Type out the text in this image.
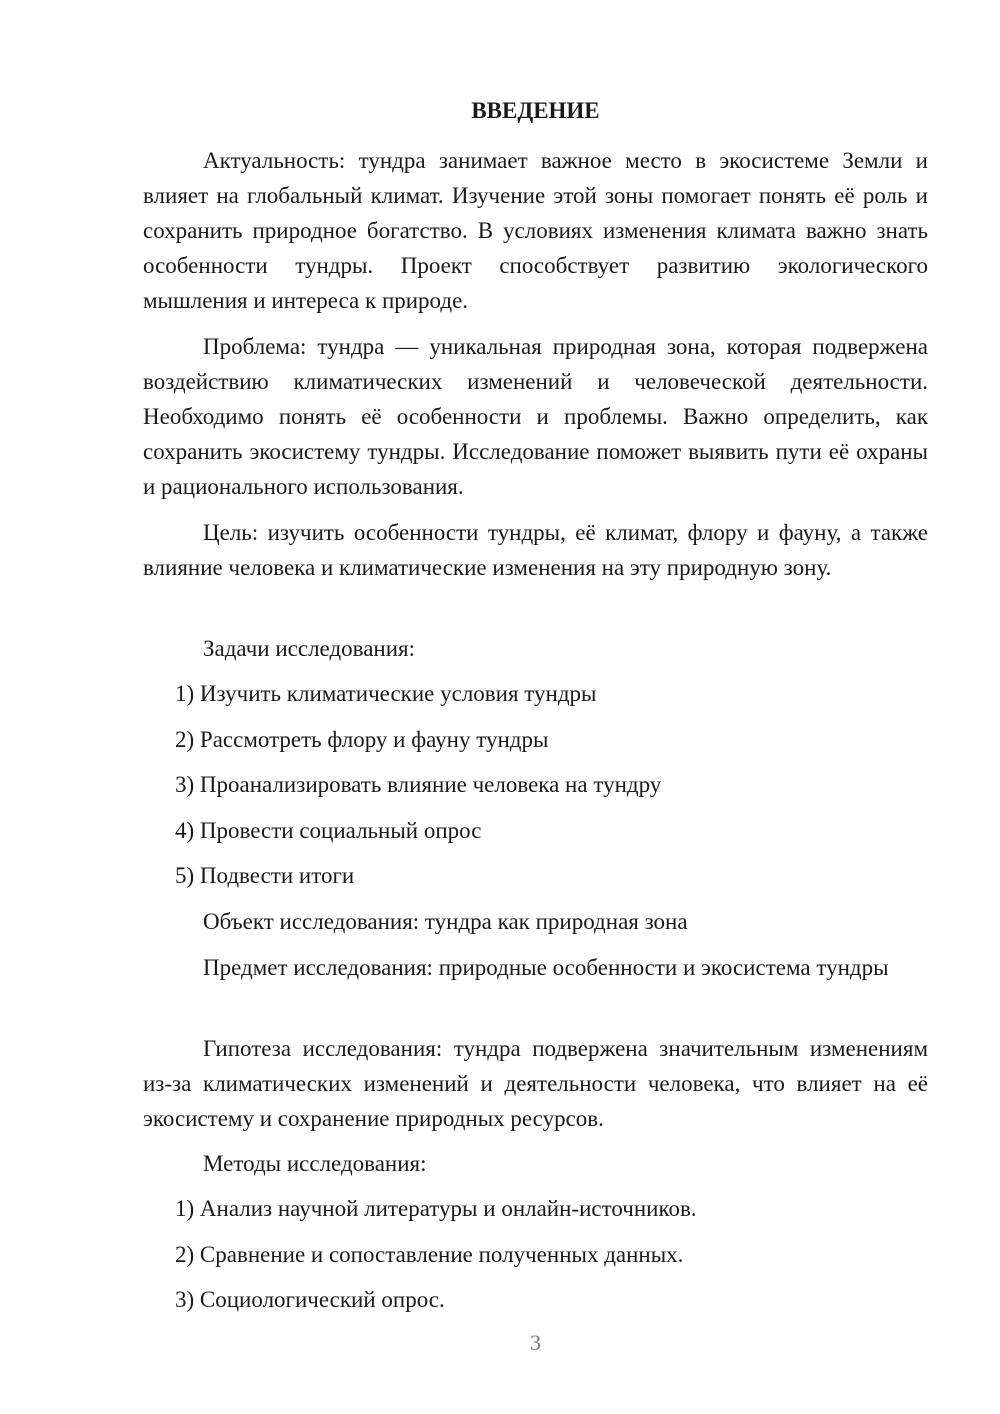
ВВЕДЕНИЕ

Актуальность: тундра занимает важное место в экосистеме Земли и влияет на глобальный климат. Изучение этой зоны помогает понять её роль и сохранить природное богатство. В условиях изменения климата важно знать особенности тундры. Проект способствует развитию экологического мышления и интереса к природе.

Проблема: тундра — уникальная природная зона, которая подвержена воздействию климатических изменений и человеческой деятельности. Необходимо понять её особенности и проблемы. Важно определить, как сохранить экосистему тундры. Исследование поможет выявить пути её охраны и рационального использования.

Цель: изучить особенности тундры, её климат, флору и фауну, а также влияние человека и климатические изменения на эту природную зону.

Задачи исследования:

1) Изучить климатические условия тундры

2) Рассмотреть флору и фауну тундры

3) Проанализировать влияние человека на тундру

4) Провести социальный опрос

5) Подвести итоги

Объект исследования: тундра как природная зона

Предмет исследования: природные особенности и экосистема тундры

Гипотеза исследования: тундра подвержена значительным изменениям из-за климатических изменений и деятельности человека, что влияет на её экосистему и сохранение природных ресурсов.

Методы исследования:

1) Анализ научной литературы и онлайн-источников.

2) Сравнение и сопоставление полученных данных.

3) Социологический опрос.

3
